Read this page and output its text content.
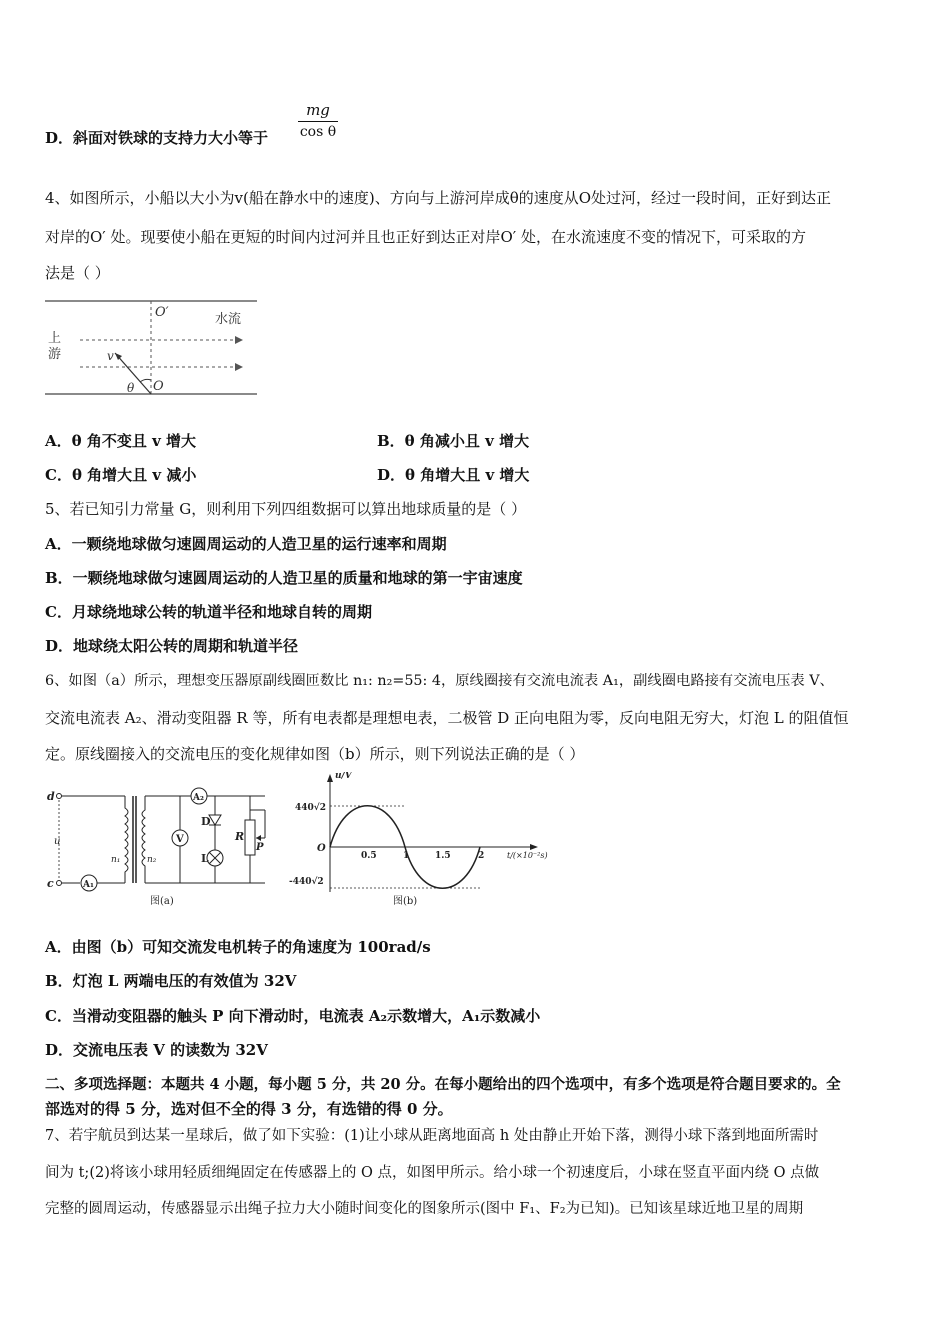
D．斜面对铁球的支持力大小等于
mg
cos θ
4、如图所示，小船以大小为v(船在静水中的速度)、方向与上游河岸成θ的速度从O处过河，经过一段时间，正好到达正
对岸的O′ 处。现要使小船在更短的时间内过河并且也正好到达正对岸O′ 处，在水流速度不变的情况下，可采取的方
法是（ ）
O′	水流
上
游	v
θ O
A．θ 角不变且 v 增大	B．θ 角减小且 v 增大
C．θ 角增大且 v 减小	D．θ 角增大且 v 增大
5、若已知引力常量 G，则利用下列四组数据可以算出地球质量的是（ ）
A．一颗绕地球做匀速圆周运动的人造卫星的运行速率和周期
B．一颗绕地球做匀速圆周运动的人造卫星的质量和地球的第一宇宙速度
C．月球绕地球公转的轨道半径和地球自转的周期
D．地球绕太阳公转的周期和轨道半径
6、如图（a）所示，理想变压器原副线圈匝数比 n₁: n₂=55: 4，原线圈接有交流电流表 A₁，副线圈电路接有交流电压表 V、
交流电流表 A₂、滑动变阻器 R 等，所有电表都是理想电表，二极管 D 正向电阻为零，反向电阻无穷大，灯泡 L 的阻值恒
定。原线圈接入的交流电压的变化规律如图（b）所示，则下列说法正确的是（ ）
d
c
u
n₁	n₂
A₁
A₂
V
D
L
R
P
图(a)
u/V
440√2
-440√2
O
0.5	1	1.5	2	t/(×10⁻²s)
图(b)
A．由图（b）可知交流发电机转子的角速度为 100rad/s
B．灯泡 L 两端电压的有效值为 32V
C．当滑动变阻器的触头 P 向下滑动时，电流表 A₂示数增大，A₁示数减小
D．交流电压表 V 的读数为 32V
二、多项选择题：本题共 4 小题，每小题 5 分，共 20 分。在每小题给出的四个选项中，有多个选项是符合题目要求的。全
部选对的得 5 分，选对但不全的得 3 分，有选错的得 0 分。
7、若宇航员到达某一星球后，做了如下实验：(1)让小球从距离地面高 h 处由静止开始下落，测得小球下落到地面所需时
间为 t;(2)将该小球用轻质细绳固定在传感器上的 O 点，如图甲所示。给小球一个初速度后，小球在竖直平面内绕 O 点做
完整的圆周运动，传感器显示出绳子拉力大小随时间变化的图象所示(图中 F₁、F₂为已知)。已知该星球近地卫星的周期
